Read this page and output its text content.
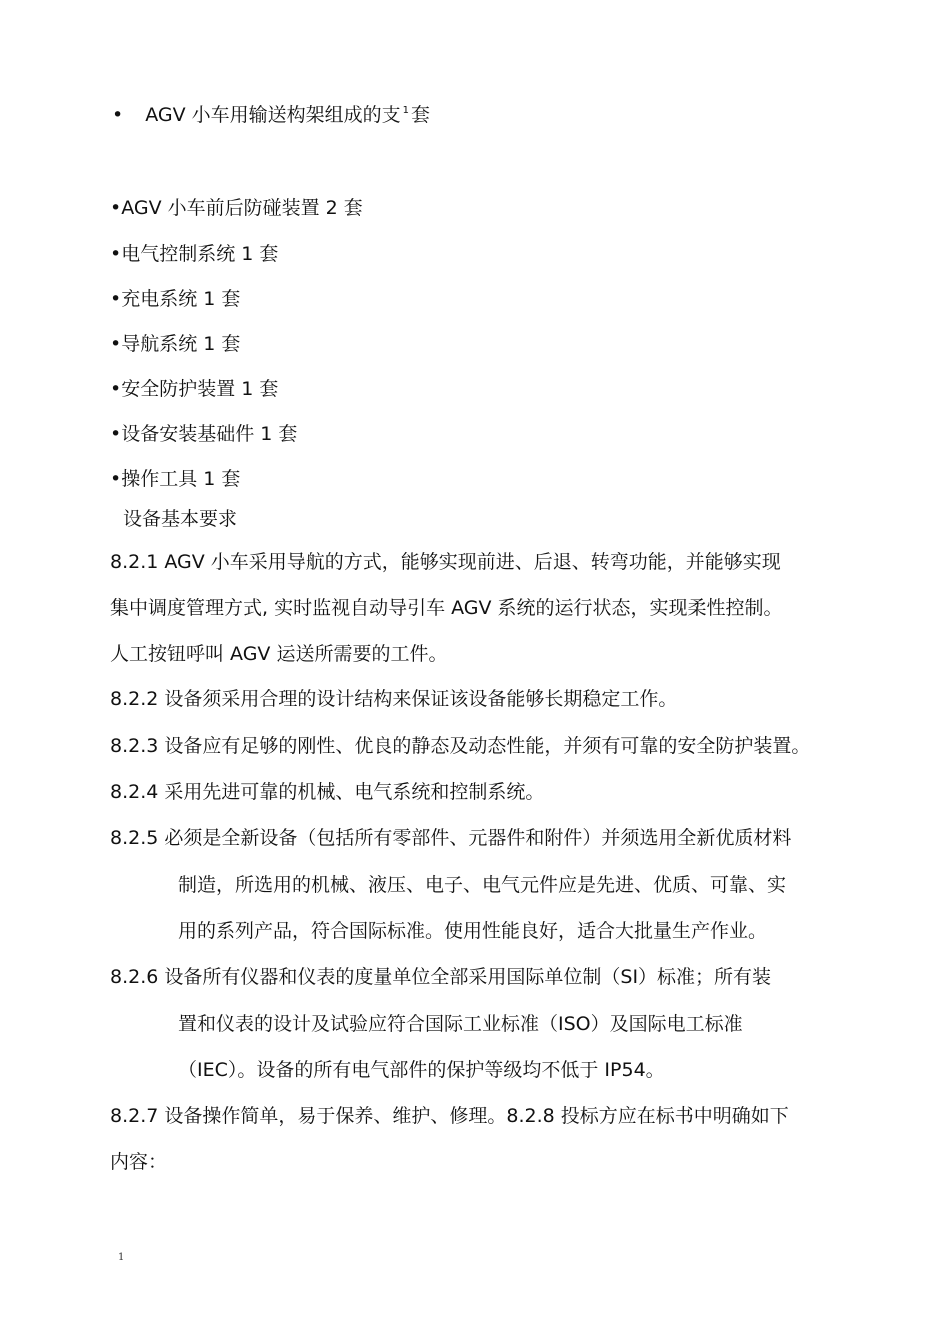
• AGV 小车用输送构架组成的支 $^1$ 套
•AGV 小车前后防碰装置 2 套
•电气控制系统 1 套
•充电系统 1 套
•导航系统 1 套
•安全防护装置 1 套
•设备安装基础件 1 套
•操作工具 1 套
设备基本要求
8.2.1 AGV 小车采用导航的方式，能够实现前进、后退、转弯功能，并能够实现
集中调度管理方式, 实时监视自动导引车 AGV 系统的运行状态，实现柔性控制。
人工按钮呼叫 AGV 运送所需要的工件。
8.2.2 设备须采用合理的设计结构来保证该设备能够长期稳定工作。
8.2.3 设备应有足够的刚性、优良的静态及动态性能，并须有可靠的安全防护装置。
8.2.4 采用先进可靠的机械、电气系统和控制系统。
8.2.5 必须是全新设备（包括所有零部件、元器件和附件）并须选用全新优质材料
制造，所选用的机械、液压、电子、电气元件应是先进、优质、可靠、实
用的系列产品，符合国际标准。使用性能良好，适合大批量生产作业。
8.2.6 设备所有仪器和仪表的度量单位全部采用国际单位制（SI）标准；所有装
置和仪表的设计及试验应符合国际工业标准（ISO）及国际电工标准
（IEC）。设备的所有电气部件的保护等级均不低于 IP54。
8.2.7 设备操作简单，易于保养、维护、修理。8.2.8 投标方应在标书中明确如下
内容：
1
